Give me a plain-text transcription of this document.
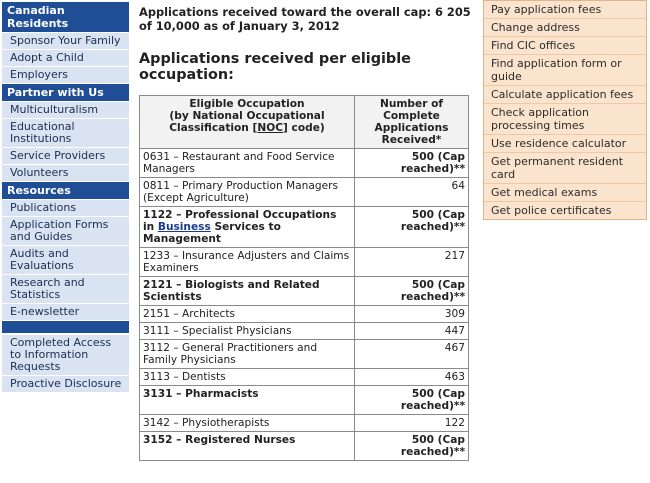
Canadian Residents
Sponsor Your Family
Adopt a Child
Employers
Partner with Us
Multiculturalism
Educational Institutions
Service Providers
Volunteers
Resources
Publications
Application Forms and Guides
Audits and Evaluations
Research and Statistics
E-newsletter
Completed Access to Information Requests
Proactive Disclosure

Applications received toward the overall cap: 6 205 of 10,000 as of January 3, 2012

Applications received per eligible occupation:
Eligible Occupation
(by National Occupational
Classification [NOC] code)	Number of Complete Applications Received*
0631 – Restaurant and Food Service Managers	500 (Cap reached)**
0811 – Primary Production Managers (Except Agriculture)	64
1122 – Professional Occupations in Business Services to Management	500 (Cap reached)**
1233 – Insurance Adjusters and Claims Examiners	217
2121 – Biologists and Related Scientists	500 (Cap reached)**
2151 – Architects	309
3111 – Specialist Physicians	447
3112 – General Practitioners and Family Physicians	467
3113 – Dentists	463
3131 – Pharmacists	500 (Cap reached)**
3142 – Physiotherapists	122
3152 – Registered Nurses	500 (Cap reached)**
Pay application fees
Change address
Find CIC offices
Find application form or guide
Calculate application fees
Check application processing times
Use residence calculator
Get permanent resident card
Get medical exams
Get police certificates
